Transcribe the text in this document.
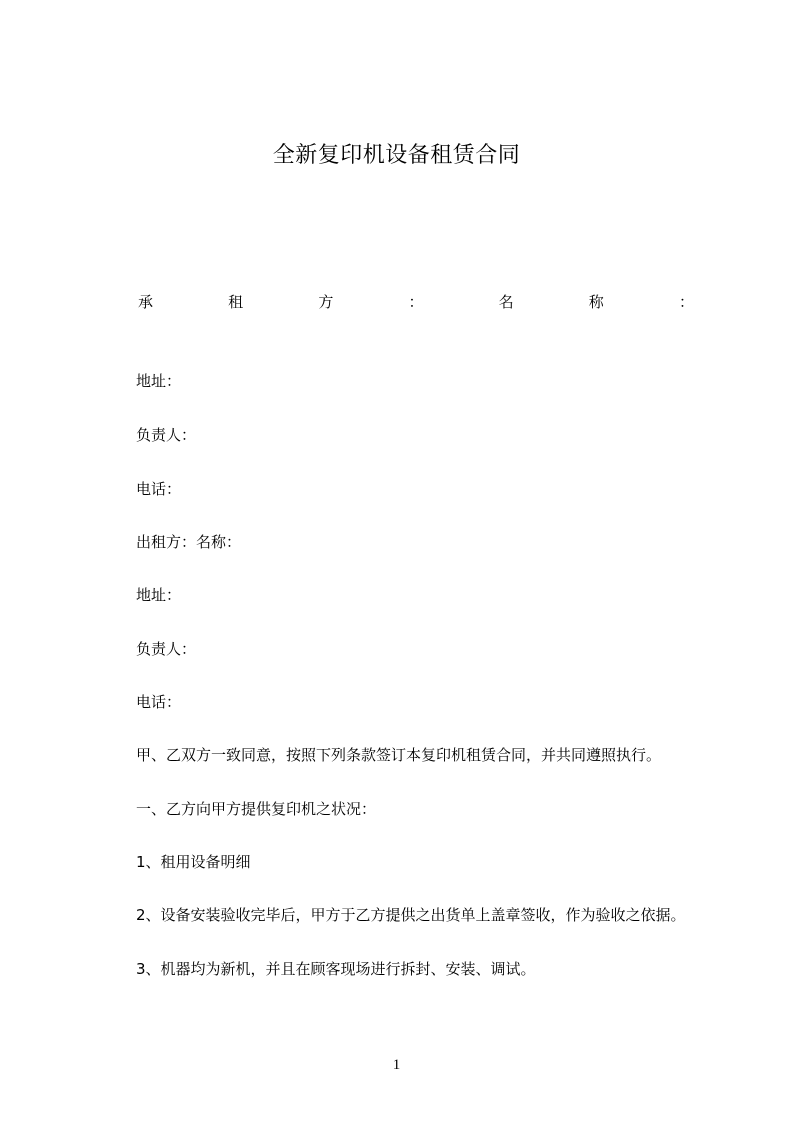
全新复印机设备租赁合同
承	租	方	：	名	称	：
地址：
负责人：
电话：
出租方：名称：
地址：
负责人：
电话：
甲、乙双方一致同意，按照下列条款签订本复印机租赁合同，并共同遵照执行。
一、乙方向甲方提供复印机之状况：
1、租用设备明细
2、设备安装验收完毕后，甲方于乙方提供之出货单上盖章签收，作为验收之依据。
3、机器均为新机，并且在顾客现场进行拆封、安装、调试。
1
